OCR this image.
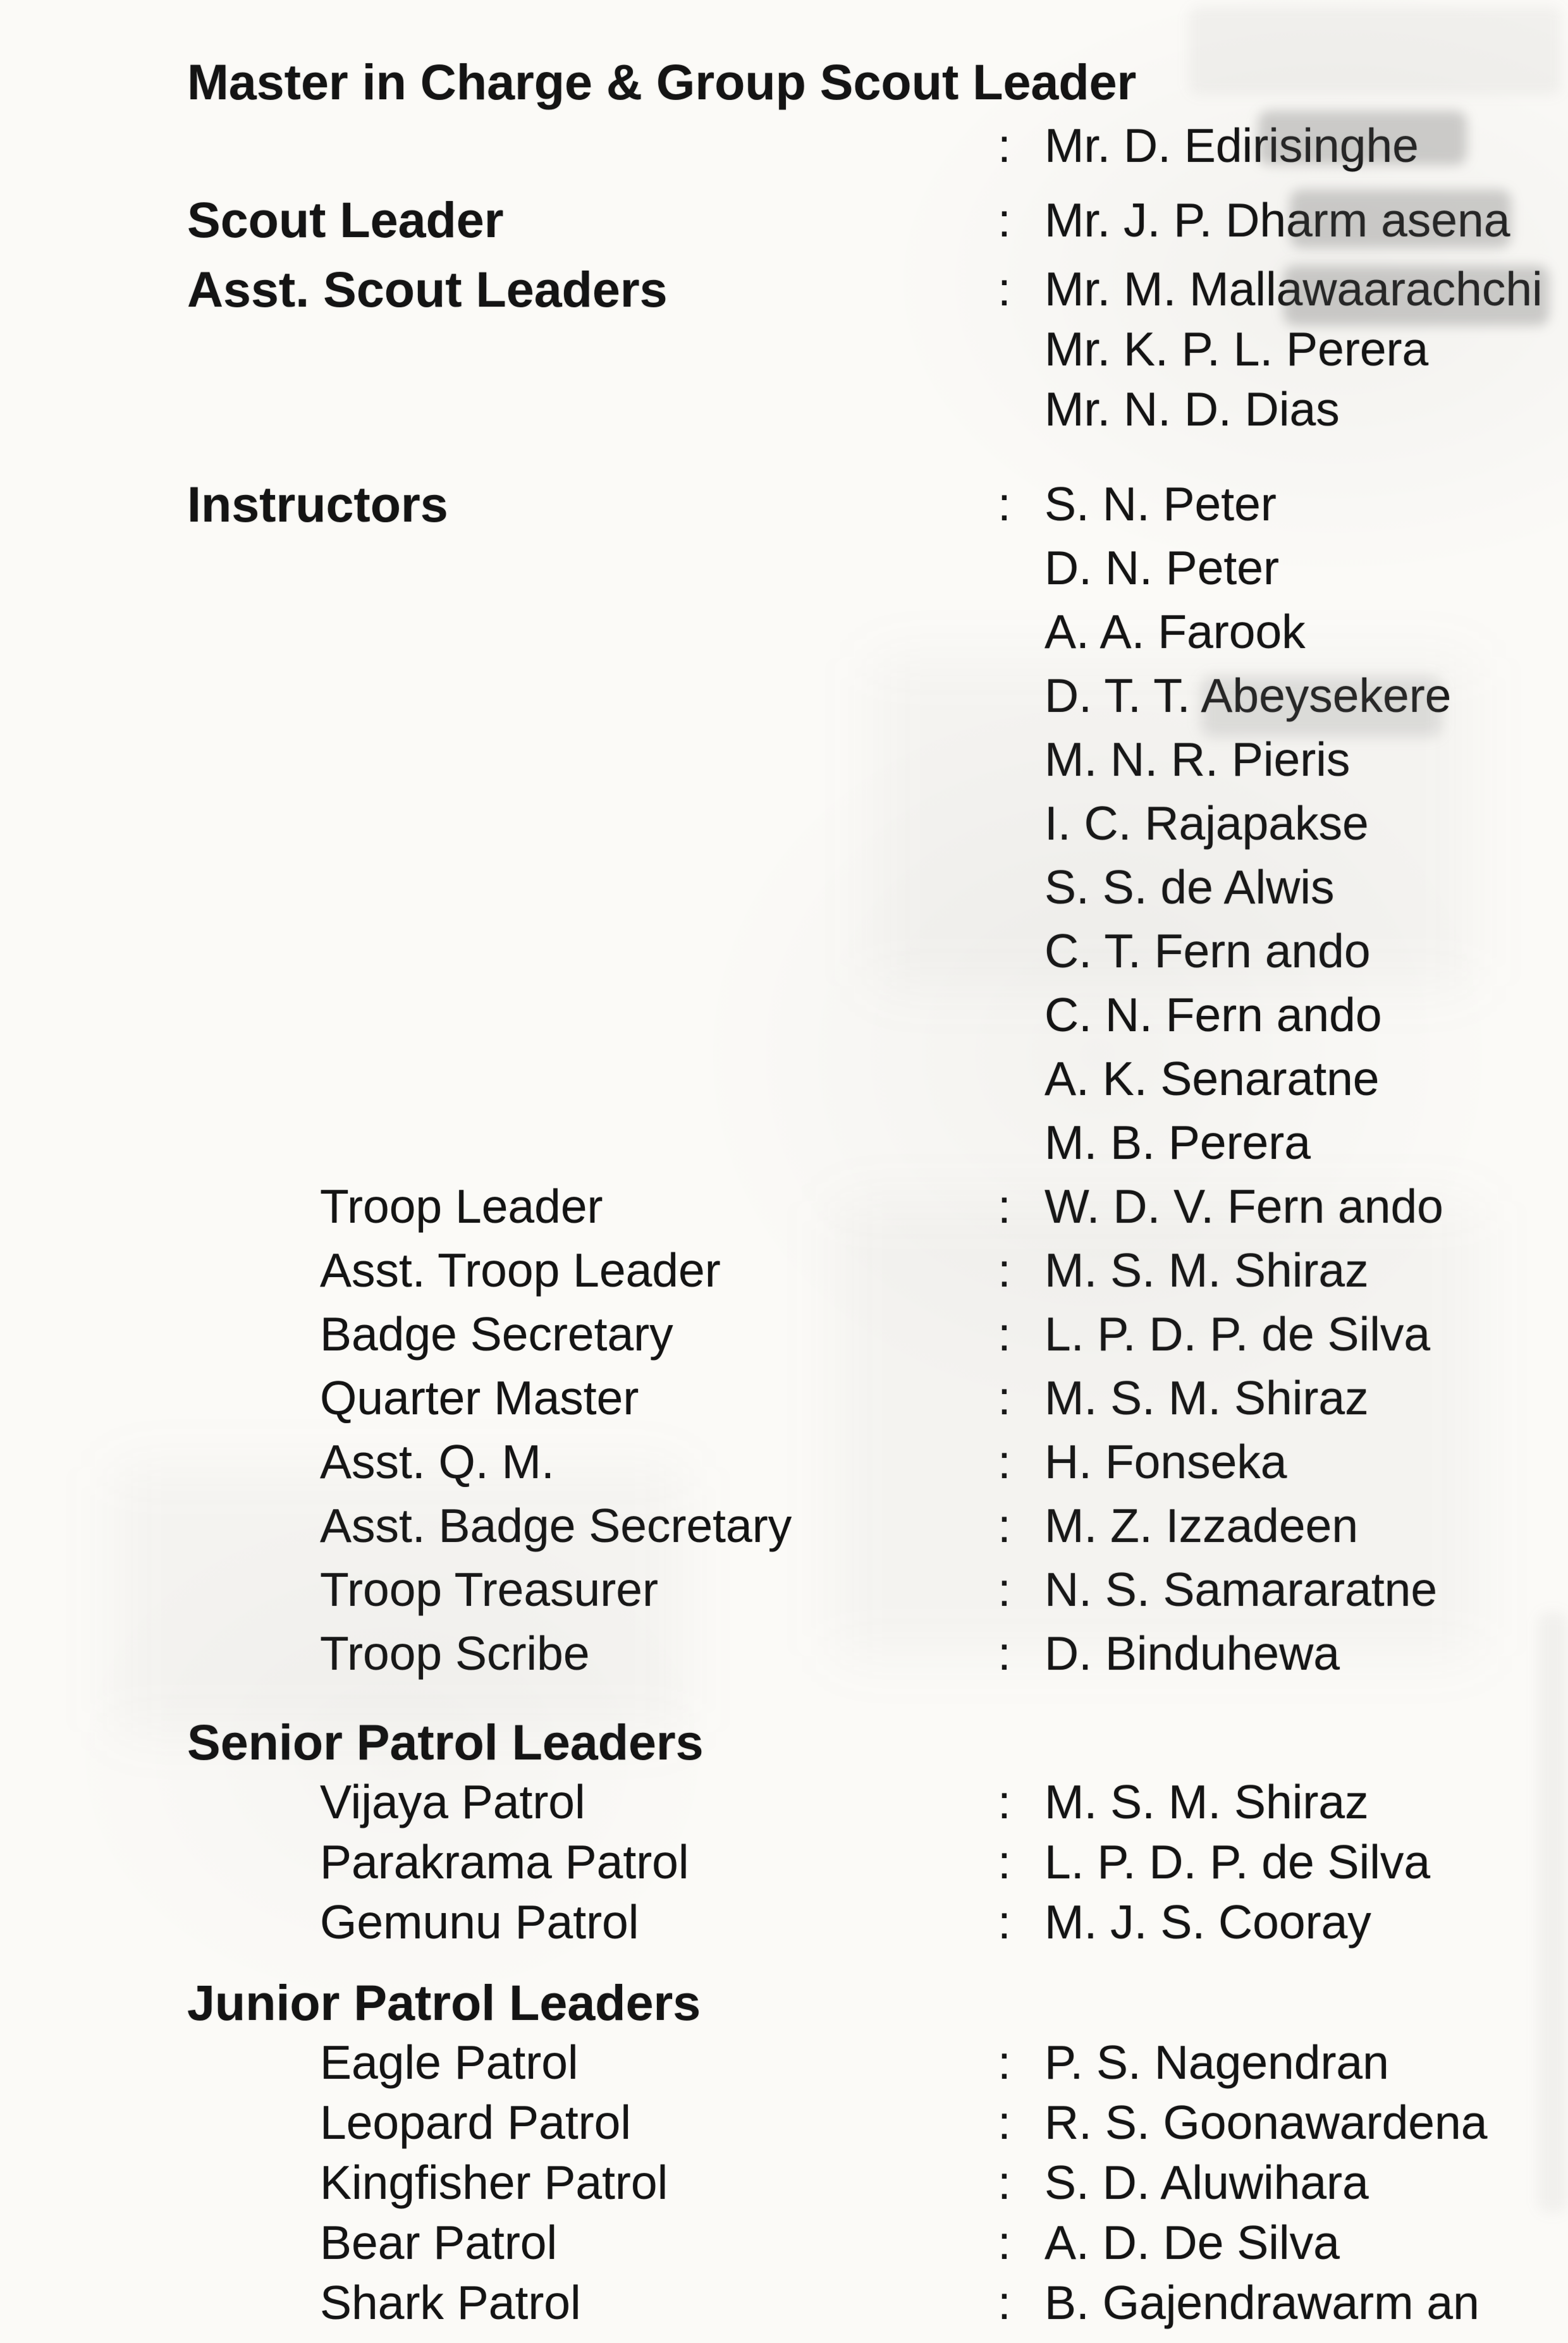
Master in Charge & Group Scout Leader
: Mr. D. Edirisinghe
Scout Leader	: Mr. J. P. Dharm asena
Asst. Scout Leaders	: Mr. M. Mallawaarachchi
Mr. K. P. L. Perera
Mr. N. D. Dias
Instructors	: S. N. Peter
D. N. Peter
A. A. Farook
D. T. T. Abeysekere
M. N. R. Pieris
I. C. Rajapakse
S. S. de Alwis
C. T. Fern ando
C. N. Fern ando
A. K. Senaratne
M. B. Perera
Troop Leader	: W. D. V. Fern ando
Asst. Troop Leader	: M. S. M. Shiraz
Badge Secretary	: L. P. D. P. de Silva
Quarter Master	: M. S. M. Shiraz
Asst. Q. M.	: H. Fonseka
Asst. Badge Secretary	: M. Z. Izzadeen
Troop Treasurer	: N. S. Samararatne
Troop Scribe	: D. Binduhewa
Senior Patrol Leaders
Vijaya Patrol	: M. S. M. Shiraz
Parakrama Patrol	: L. P. D. P. de Silva
Gemunu Patrol	: M. J. S. Cooray
Junior Patrol Leaders
Eagle Patrol	: P. S. Nagendran
Leopard Patrol	: R. S. Goonawardena
Kingfisher Patrol	: S. D. Aluwihara
Bear Patrol	: A. D. De Silva
Shark Patrol	: B. Gajendrawarm an
